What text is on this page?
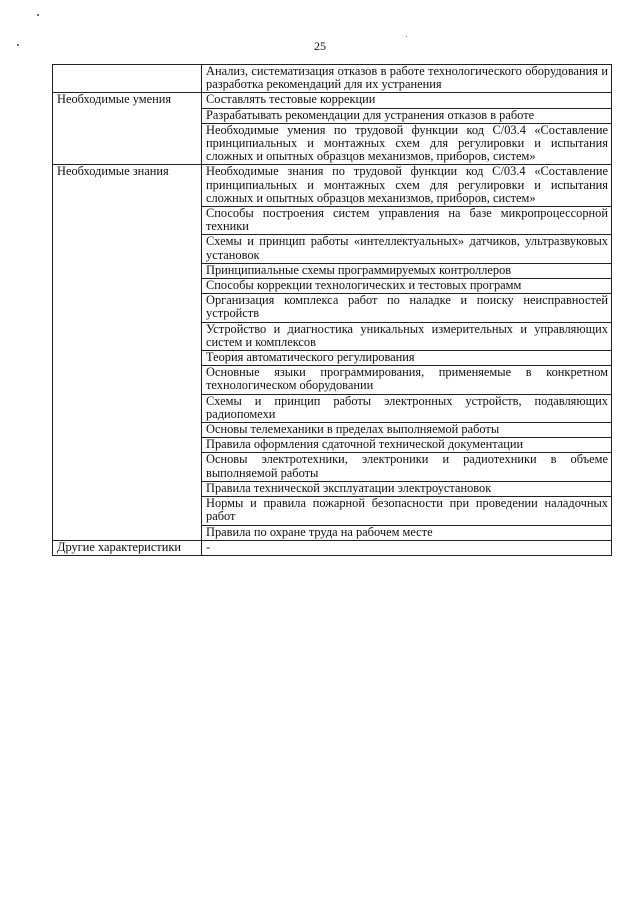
25
	Анализ, систематизация отказов в работе технологического оборудования и разработка рекомендаций для их устранения
Необходимые умения	Составлять тестовые коррекции
	Разрабатывать рекомендации для устранения отказов в работе
	Необходимые умения по трудовой функции код С/03.4 «Составление принципиальных и монтажных схем для регулировки и испытания сложных и опытных образцов механизмов, приборов, систем»
Необходимые знания	Необходимые знания по трудовой функции код С/03.4 «Составление принципиальных и монтажных схем для регулировки и испытания сложных и опытных образцов механизмов, приборов, систем»
	Способы построения систем управления на базе микропроцессорной техники
	Схемы и принцип работы «интеллектуальных» датчиков, ультразвуковых установок
	Принципиальные схемы программируемых контроллеров
	Способы коррекции технологических и тестовых программ
	Организация комплекса работ по наладке и поиску неисправностей устройств
	Устройство и диагностика уникальных измерительных и управляющих систем и комплексов
	Теория автоматического регулирования
	Основные языки программирования, применяемые в конкретном технологическом оборудовании
	Схемы и принцип работы электронных устройств, подавляющих радиопомехи
	Основы телемеханики в пределах выполняемой работы
	Правила оформления сдаточной технической документации
	Основы электротехники, электроники и радиотехники в объеме выполняемой работы
	Правила технической эксплуатации электроустановок
	Нормы и правила пожарной безопасности при проведении наладочных работ
	Правила по охране труда на рабочем месте
Другие характеристики	-
